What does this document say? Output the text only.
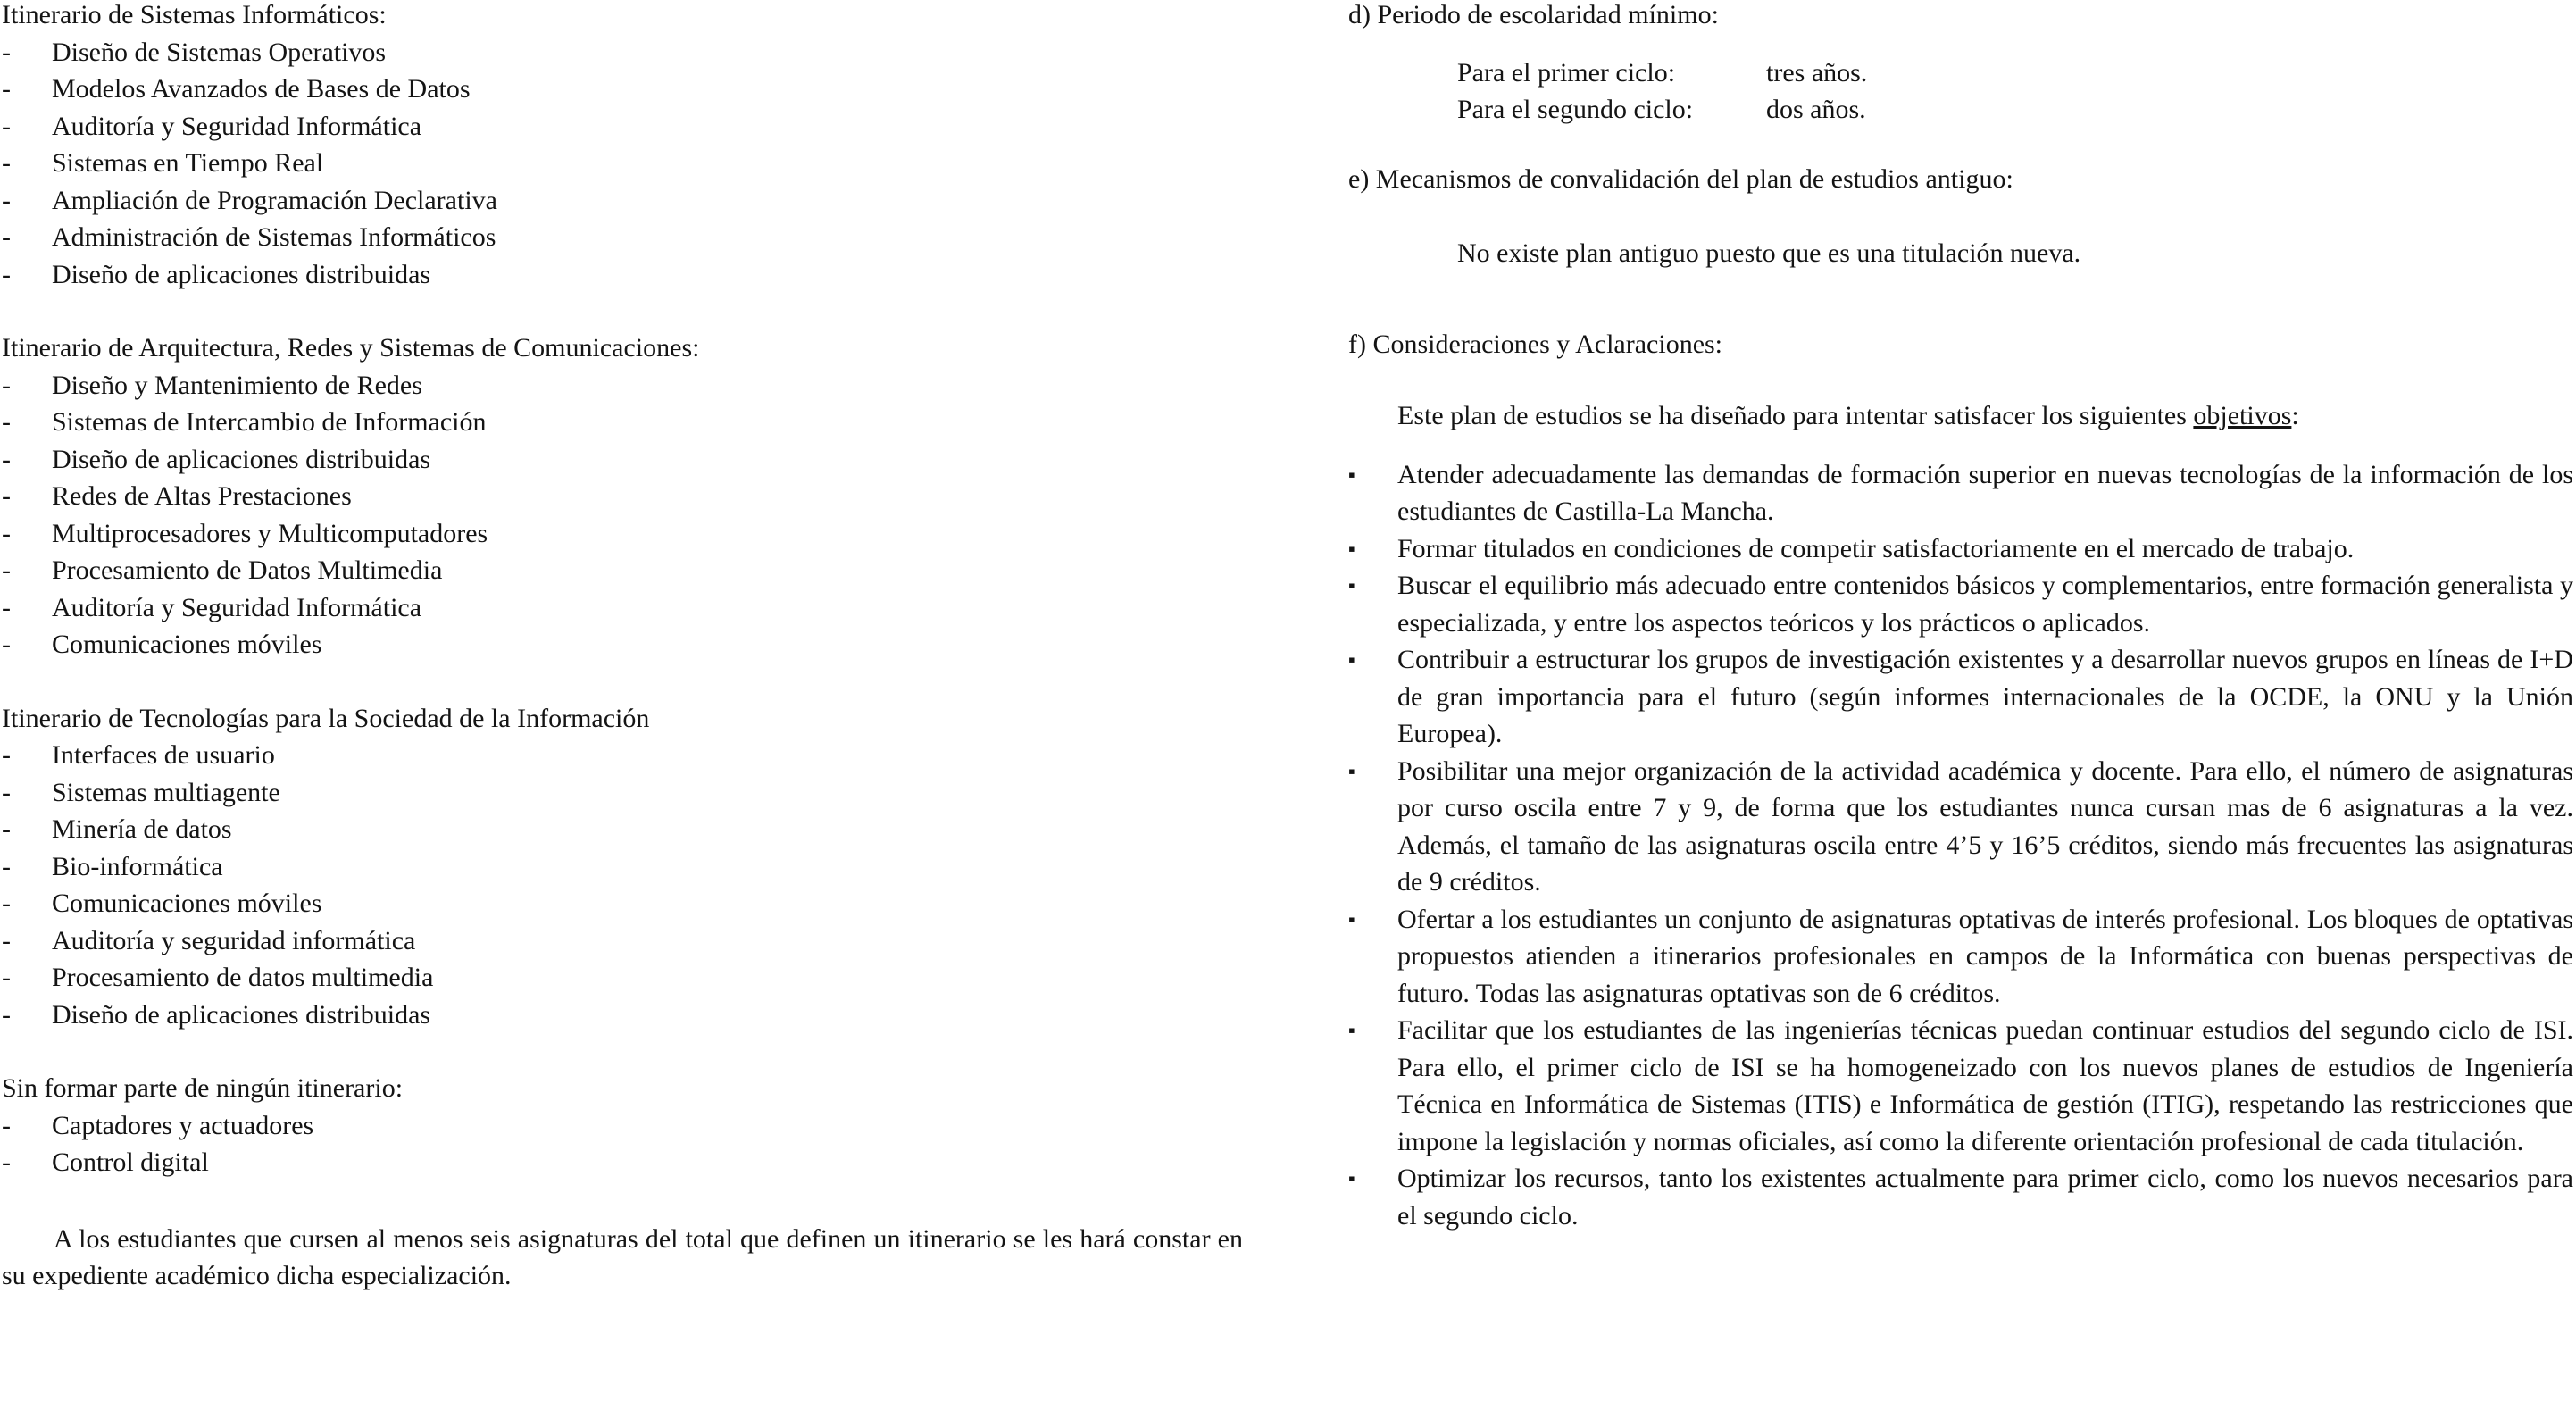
Itinerario de Sistemas Informáticos:

- Diseño de Sistemas Operativos
- Modelos Avanzados de Bases de Datos
- Auditoría y Seguridad Informática
- Sistemas en Tiempo Real
- Ampliación de Programación Declarativa
- Administración de Sistemas Informáticos
- Diseño de aplicaciones distribuidas

Itinerario de Arquitectura, Redes y Sistemas de Comunicaciones:

- Diseño y Mantenimiento de Redes
- Sistemas de Intercambio de Información
- Diseño de aplicaciones distribuidas
- Redes de Altas Prestaciones
- Multiprocesadores y Multicomputadores
- Procesamiento de Datos Multimedia
- Auditoría y Seguridad Informática
- Comunicaciones móviles

Itinerario de Tecnologías para la Sociedad de la Información

- Interfaces de usuario
- Sistemas multiagente
- Minería de datos
- Bio-informática
- Comunicaciones móviles
- Auditoría y seguridad informática
- Procesamiento de datos multimedia
- Diseño de aplicaciones distribuidas

Sin formar parte de ningún itinerario:

- Captadores y actuadores
- Control digital

A los estudiantes que cursen al menos seis asignaturas del total que definen un itinerario se les hará constar en su expediente académico dicha especialización.

d) Periodo de escolaridad mínimo:

Para el primer ciclo:	tres años.
Para el segundo ciclo:	dos años.

e) Mecanismos de convalidación del plan de estudios antiguo:

No existe plan antiguo puesto que es una titulación nueva.

f) Consideraciones y Aclaraciones:

Este plan de estudios se ha diseñado para intentar satisfacer los siguientes objetivos:

▪ Atender adecuadamente las demandas de formación superior en nuevas tecnologías de la información de los estudiantes de Castilla-La Mancha.
▪ Formar titulados en condiciones de competir satisfactoriamente en el mercado de trabajo.
▪ Buscar el equilibrio más adecuado entre contenidos básicos y complementarios, entre formación generalista y especializada, y entre los aspectos teóricos y los prácticos o aplicados.
▪ Contribuir a estructurar los grupos de investigación existentes y a desarrollar nuevos grupos en líneas de I+D de gran importancia para el futuro (según informes internacionales de la OCDE, la ONU y la Unión Europea).
▪ Posibilitar una mejor organización de la actividad académica y docente. Para ello, el número de asignaturas por curso oscila entre 7 y 9, de forma que los estudiantes nunca cursan mas de 6 asignaturas a la vez. Además, el tamaño de las asignaturas oscila entre 4’5 y 16’5 créditos, siendo más frecuentes las asignaturas de 9 créditos.
▪ Ofertar a los estudiantes un conjunto de asignaturas optativas de interés profesional. Los bloques de optativas propuestos atienden a itinerarios profesionales en campos de la Informática con buenas perspectivas de futuro. Todas las asignaturas optativas son de 6 créditos.
▪ Facilitar que los estudiantes de las ingenierías técnicas puedan continuar estudios del segundo ciclo de ISI. Para ello, el primer ciclo de ISI se ha homogeneizado con los nuevos planes de estudios de Ingeniería Técnica en Informática de Sistemas (ITIS) e Informática de gestión (ITIG), respetando las restricciones que impone la legislación y normas oficiales, así como la diferente orientación profesional de cada titulación.
▪ Optimizar los recursos, tanto los existentes actualmente para primer ciclo, como los nuevos necesarios para el segundo ciclo.
